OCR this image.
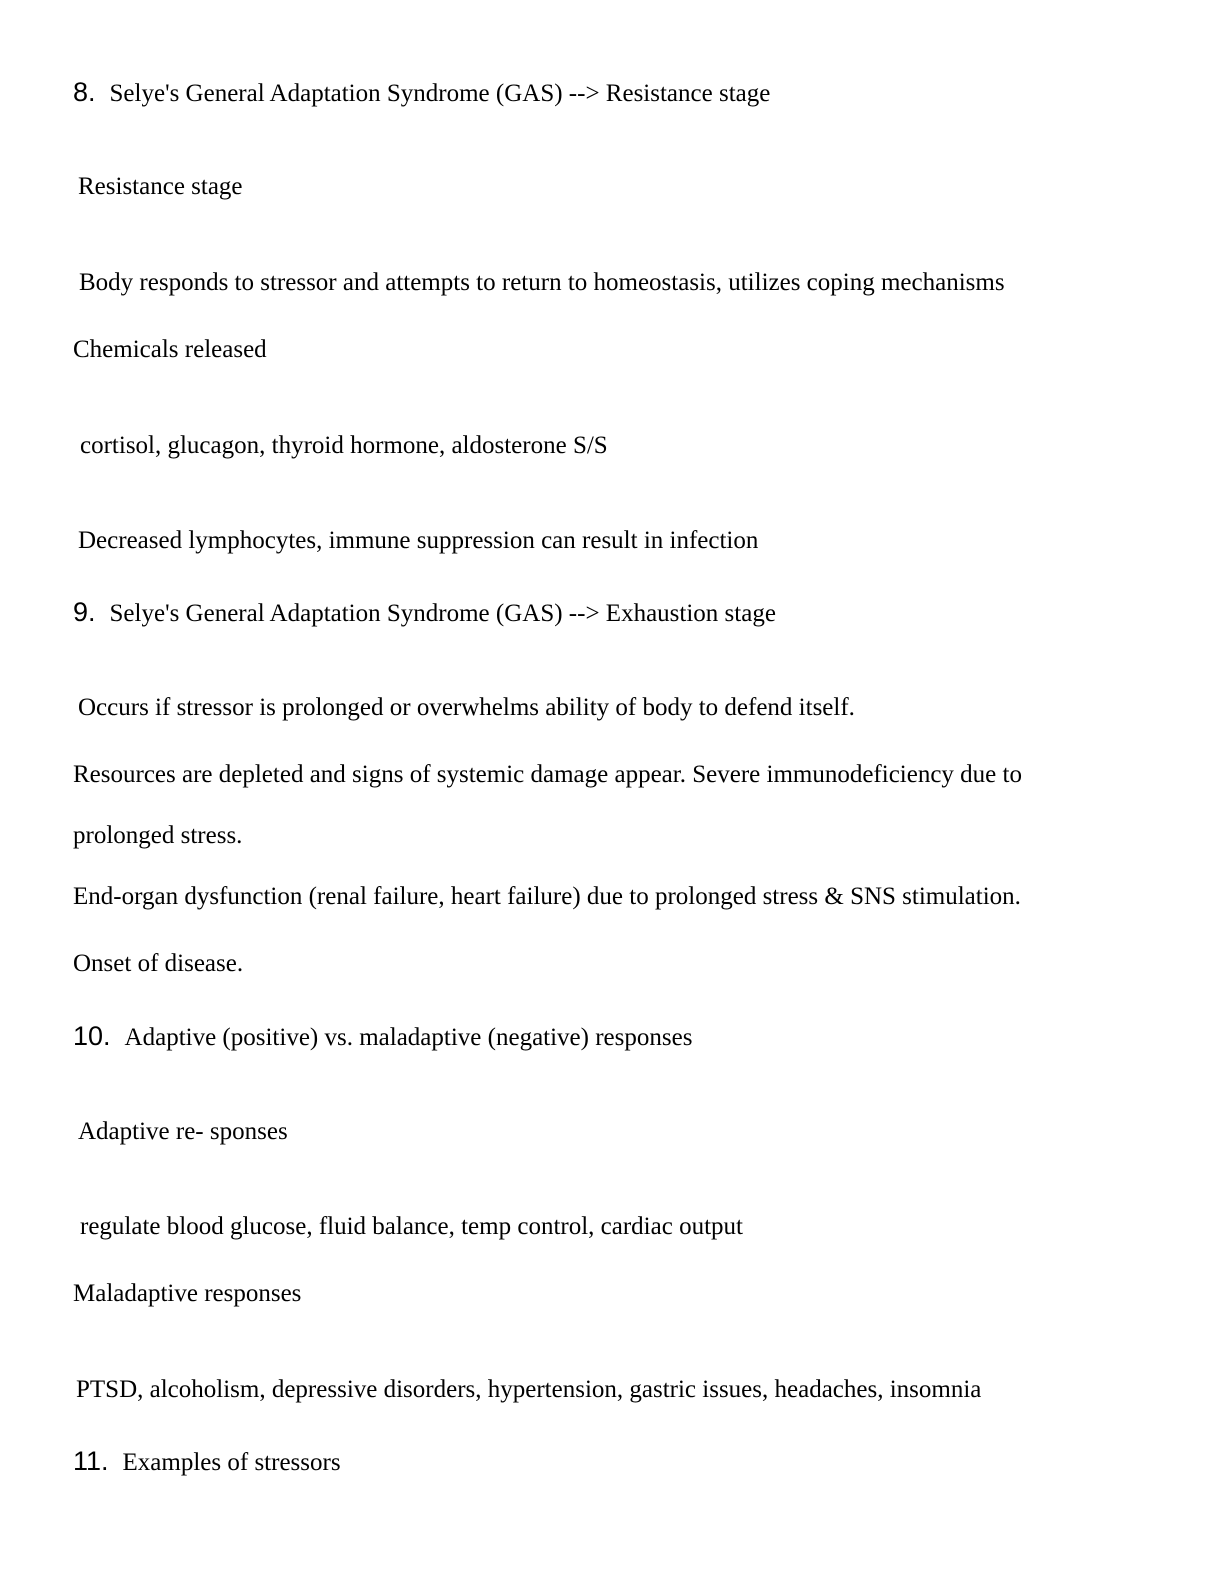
8. Selye's General Adaptation Syndrome (GAS) --> Resistance stage
Resistance stage
Body responds to stressor and attempts to return to homeostasis, utilizes coping mechanisms
Chemicals released
cortisol, glucagon, thyroid hormone, aldosterone S/S
Decreased lymphocytes, immune suppression can result in infection
9. Selye's General Adaptation Syndrome (GAS) --> Exhaustion stage
Occurs if stressor is prolonged or overwhelms ability of body to defend itself.
Resources are depleted and signs of systemic damage appear. Severe immunodeficiency due to
prolonged stress.
End-organ dysfunction (renal failure, heart failure) due to prolonged stress & SNS stimulation.
Onset of disease.
10. Adaptive (positive) vs. maladaptive (negative) responses
Adaptive re- sponses
regulate blood glucose, fluid balance, temp control, cardiac output
Maladaptive responses
PTSD, alcoholism, depressive disorders, hypertension, gastric issues, headaches, insomnia
11. Examples of stressors
